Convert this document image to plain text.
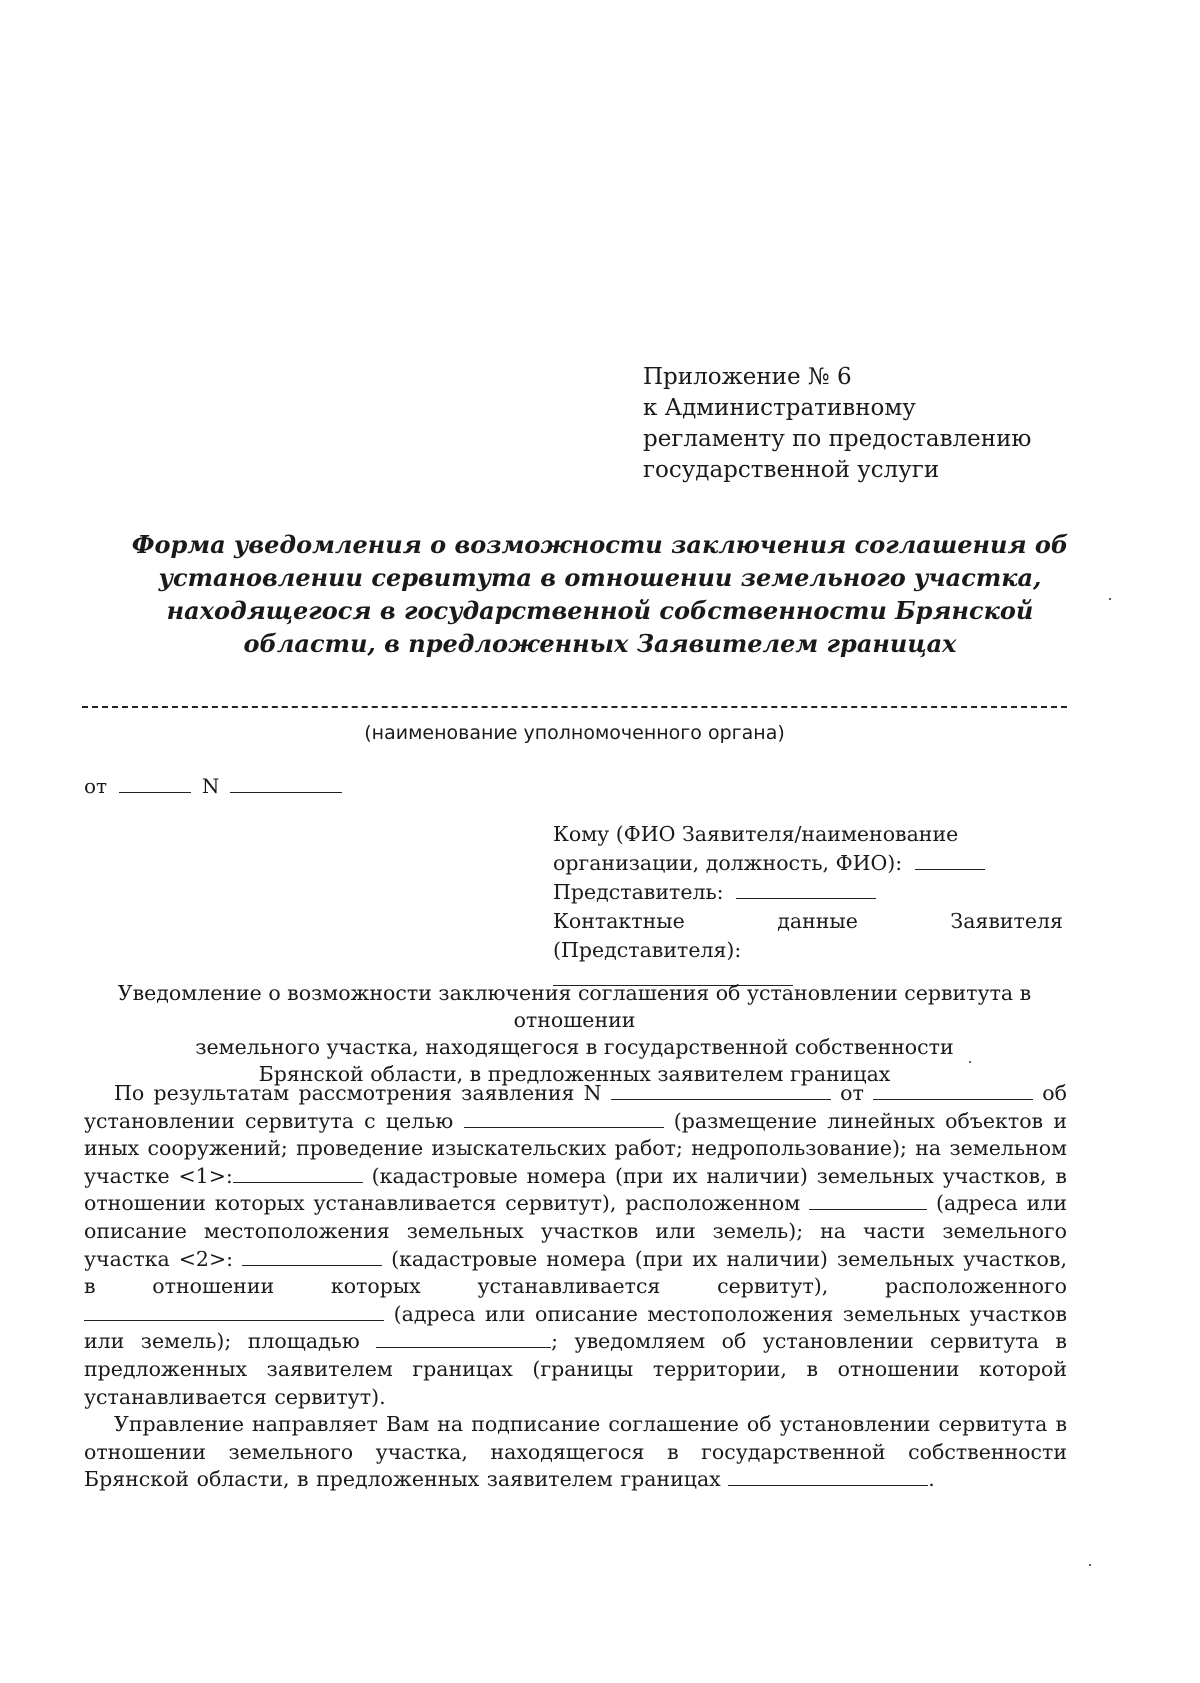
Приложение № 6
к Административному
регламенту по предоставлению
государственной услуги
Форма уведомления о возможности заключения соглашения об установлении сервитута в отношении земельного участка, находящегося в государственной собственности Брянской области, в предложенных Заявителем границах
(наименование уполномоченного органа)
от	N
Кому (ФИО Заявителя/наименование
организации, должность, ФИО):
Представитель:
Контактные данные Заявителя (Представителя):
Уведомление о возможности заключения соглашения об установлении сервитута в отношении
земельного участка, находящегося в государственной собственности
Брянской области, в предложенных заявителем границах

По результатам рассмотрения заявления N	от	об установлении сервитута с целью	(размещение линейных объектов и иных сооружений; проведение изыскательских работ; недропользование); на земельном участке <1>:	(кадастровые номера (при их наличии) земельных участков, в отношении которых устанавливается сервитут), расположенном	(адреса или описание местоположения земельных участков или земель); на части земельного участка <2>:	(кадастровые номера (при их наличии) земельных участков, в отношении которых устанавливается сервитут), расположенного  (адреса или описание местоположения земельных участков или земель); площадью	; уведомляем об установлении сервитута в предложенных заявителем границах (границы территории, в отношении которой устанавливается сервитут).

Управление направляет Вам на подписание соглашение об установлении сервитута в отношении земельного участка, находящегося в государственной собственности Брянской области, в предложенных заявителем границах	.
